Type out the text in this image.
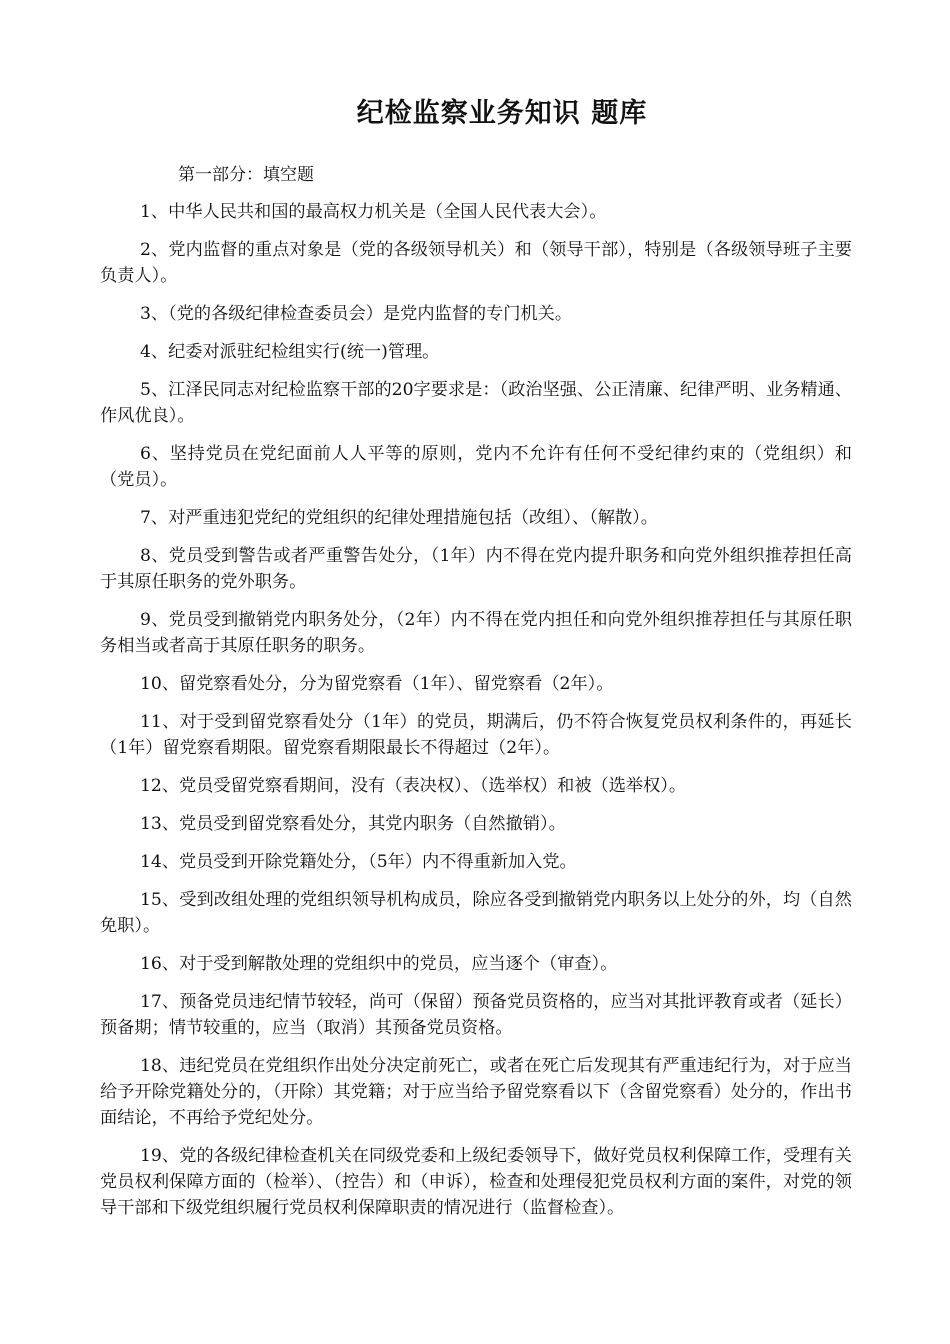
纪检监察业务知识 题库

第一部分：填空题

1、中华人民共和国的最高权力机关是（全国人民代表大会）。
2、党内监督的重点对象是（党的各级领导机关）和（领导干部），特别是（各级领导班子主要负责人）。
3、（党的各级纪律检查委员会）是党内监督的专门机关。
4、纪委对派驻纪检组实行(统一)管理。
5、江泽民同志对纪检监察干部的20字要求是：（政治坚强、公正清廉、纪律严明、业务精通、作风优良）。
6、坚持党员在党纪面前人人平等的原则，党内不允许有任何不受纪律约束的（党组织）和（党员）。
7、对严重违犯党纪的党组织的纪律处理措施包括（改组）、（解散）。
8、党员受到警告或者严重警告处分，（1年）内不得在党内提升职务和向党外组织推荐担任高于其原任职务的党外职务。
9、党员受到撤销党内职务处分，（2年）内不得在党内担任和向党外组织推荐担任与其原任职务相当或者高于其原任职务的职务。
10、留党察看处分，分为留党察看（1年）、留党察看（2年）。
11、对于受到留党察看处分（1年）的党员，期满后，仍不符合恢复党员权利条件的，再延长（1年）留党察看期限。留党察看期限最长不得超过（2年）。
12、党员受留党察看期间，没有（表决权）、（选举权）和被（选举权）。
13、党员受到留党察看处分，其党内职务（自然撤销）。
14、党员受到开除党籍处分，（5年）内不得重新加入党。
15、受到改组处理的党组织领导机构成员，除应各受到撤销党内职务以上处分的外，均（自然免职）。
16、对于受到解散处理的党组织中的党员，应当逐个（审查）。
17、预备党员违纪情节较轻，尚可（保留）预备党员资格的，应当对其批评教育或者（延长）预备期；情节较重的，应当（取消）其预备党员资格。
18、违纪党员在党组织作出处分决定前死亡，或者在死亡后发现其有严重违纪行为，对于应当给予开除党籍处分的，（开除）其党籍；对于应当给予留党察看以下（含留党察看）处分的，作出书面结论，不再给予党纪处分。
19、党的各级纪律检查机关在同级党委和上级纪委领导下，做好党员权利保障工作，受理有关党员权利保障方面的（检举）、（控告）和（申诉），检查和处理侵犯党员权利方面的案件，对党的领导干部和下级党组织履行党员权利保障职责的情况进行（监督检查）。
